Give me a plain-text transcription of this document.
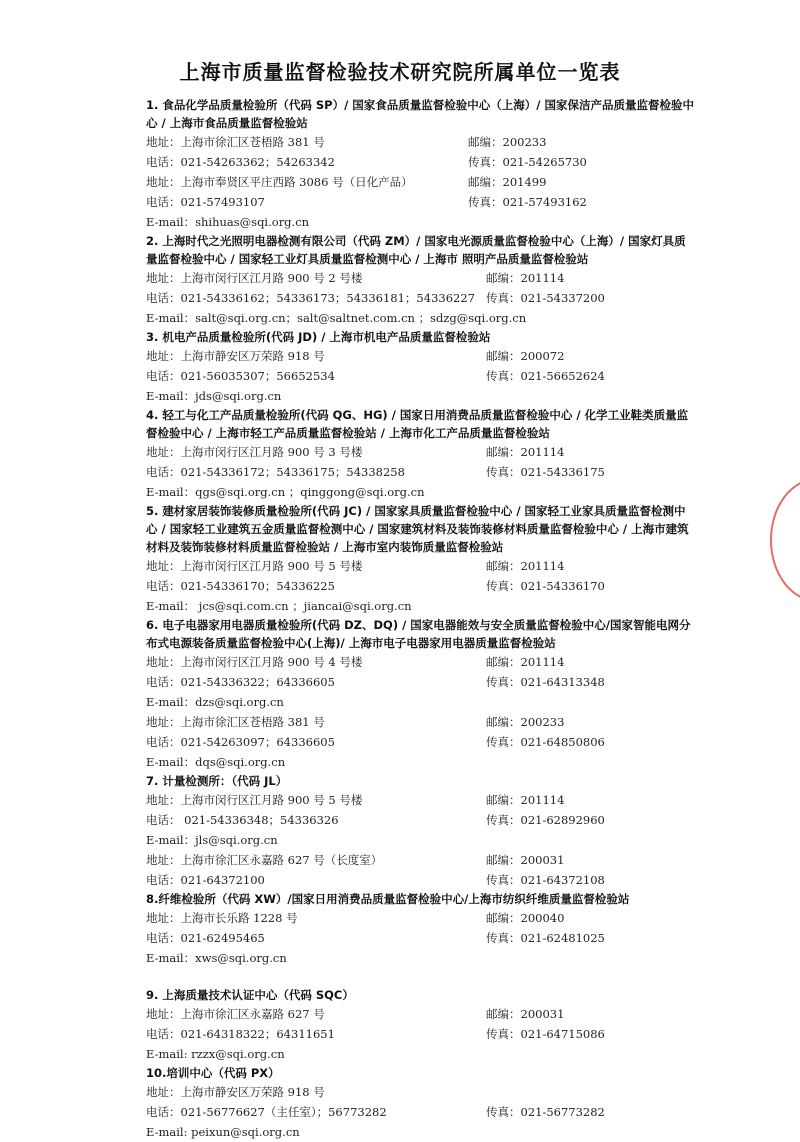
上海市质量监督检验技术研究院所属单位一览表
1. 食品化学品质量检验所（代码 SP）/ 国家食品质量监督检验中心（上海）/ 国家保洁产品质量监督检验中心 / 上海市食品质量监督检验站
地址：上海市徐汇区苍梧路 381 号	邮编：200233
电话：021-54263362；54263342	传真：021-54265730
地址：上海市奉贤区平庄西路 3086 号（日化产品）	邮编：201499
电话：021-57493107	传真：021-57493162
E-mail：shihuas@sqi.org.cn
2. 上海时代之光照明电器检测有限公司（代码 ZM）/ 国家电光源质量监督检验中心（上海）/ 国家灯具质量监督检验中心 / 国家轻工业灯具质量监督检测中心 / 上海市 照明产品质量监督检验站
地址：上海市闵行区江月路 900 号 2 号楼	邮编：201114
电话：021-54336162；54336173；54336181；54336227 传真：021-54337200
E-mail：salt@sqi.org.cn；salt@saltnet.com.cn ；sdzg@sqi.org.cn
3. 机电产品质量检验所(代码 JD) / 上海市机电产品质量监督检验站
地址：上海市静安区万荣路 918 号	邮编：200072
电话：021-56035307；56652534	传真：021-56652624
E-mail：jds@sqi.org.cn
4. 轻工与化工产品质量检验所(代码 QG、HG) / 国家日用消费品质量监督检验中心 / 化学工业鞋类质量监督检验中心 / 上海市轻工产品质量监督检验站 / 上海市化工产品质量监督检验站
地址：上海市闵行区江月路 900 号 3 号楼	邮编：201114
电话：021-54336172；54336175；54338258	传真：021-54336175
E-mail：qgs@sqi.org.cn ；qinggong@sqi.org.cn
5. 建材家居装饰装修质量检验所(代码 JC) / 国家家具质量监督检验中心 / 国家轻工业家具质量监督检测中心 / 国家轻工业建筑五金质量监督检测中心 / 国家建筑材料及装饰装修材料质量监督检验中心 / 上海市建筑材料及装饰装修材料质量监督检验站 / 上海市室内装饰质量监督检验站
地址：上海市闵行区江月路 900 号 5 号楼	邮编：201114
电话：021-54336170；54336225	传真：021-54336170
E-mail： jcs@sqi.com.cn ；jiancai@sqi.org.cn
6. 电子电器家用电器质量检验所(代码 DZ、DQ) / 国家电器能效与安全质量监督检验中心/国家智能电网分布式电源装备质量监督检验中心(上海)/ 上海市电子电器家用电器质量监督检验站
地址：上海市闵行区江月路 900 号 4 号楼	邮编：201114
电话：021-54336322；64336605	传真：021-64313348
E-mail：dzs@sqi.org.cn
地址：上海市徐汇区苍梧路 381 号	邮编：200233
电话：021-54263097；64336605	传真：021-64850806
E-mail：dqs@sqi.org.cn
7. 计量检测所：（代码 JL）
地址：上海市闵行区江月路 900 号 5 号楼	邮编：201114
电话： 021-54336348；54336326	传真：021-62892960
E-mail：jls@sqi.org.cn
地址：上海市徐汇区永嘉路 627 号（长度室）	邮编：200031
电话：021-64372100	传真：021-64372108
8.纤维检验所（代码 XW）/国家日用消费品质量监督检验中心/上海市纺织纤维质量监督检验站
地址：上海市长乐路 1228 号	邮编：200040
电话：021-62495465	传真：021-62481025
E-mail：xws@sqi.org.cn
9. 上海质量技术认证中心（代码 SQC）
地址：上海市徐汇区永嘉路 627 号	邮编：200031
电话：021-64318322；64311651	传真：021-64715086
E-mail: rzzx@sqi.org.cn
10.培训中心（代码 PX）
地址：上海市静安区万荣路 918 号
电话：021-56776627（主任室）；56773282	传真：021-56773282
E-mail: peixun@sqi.org.cn
